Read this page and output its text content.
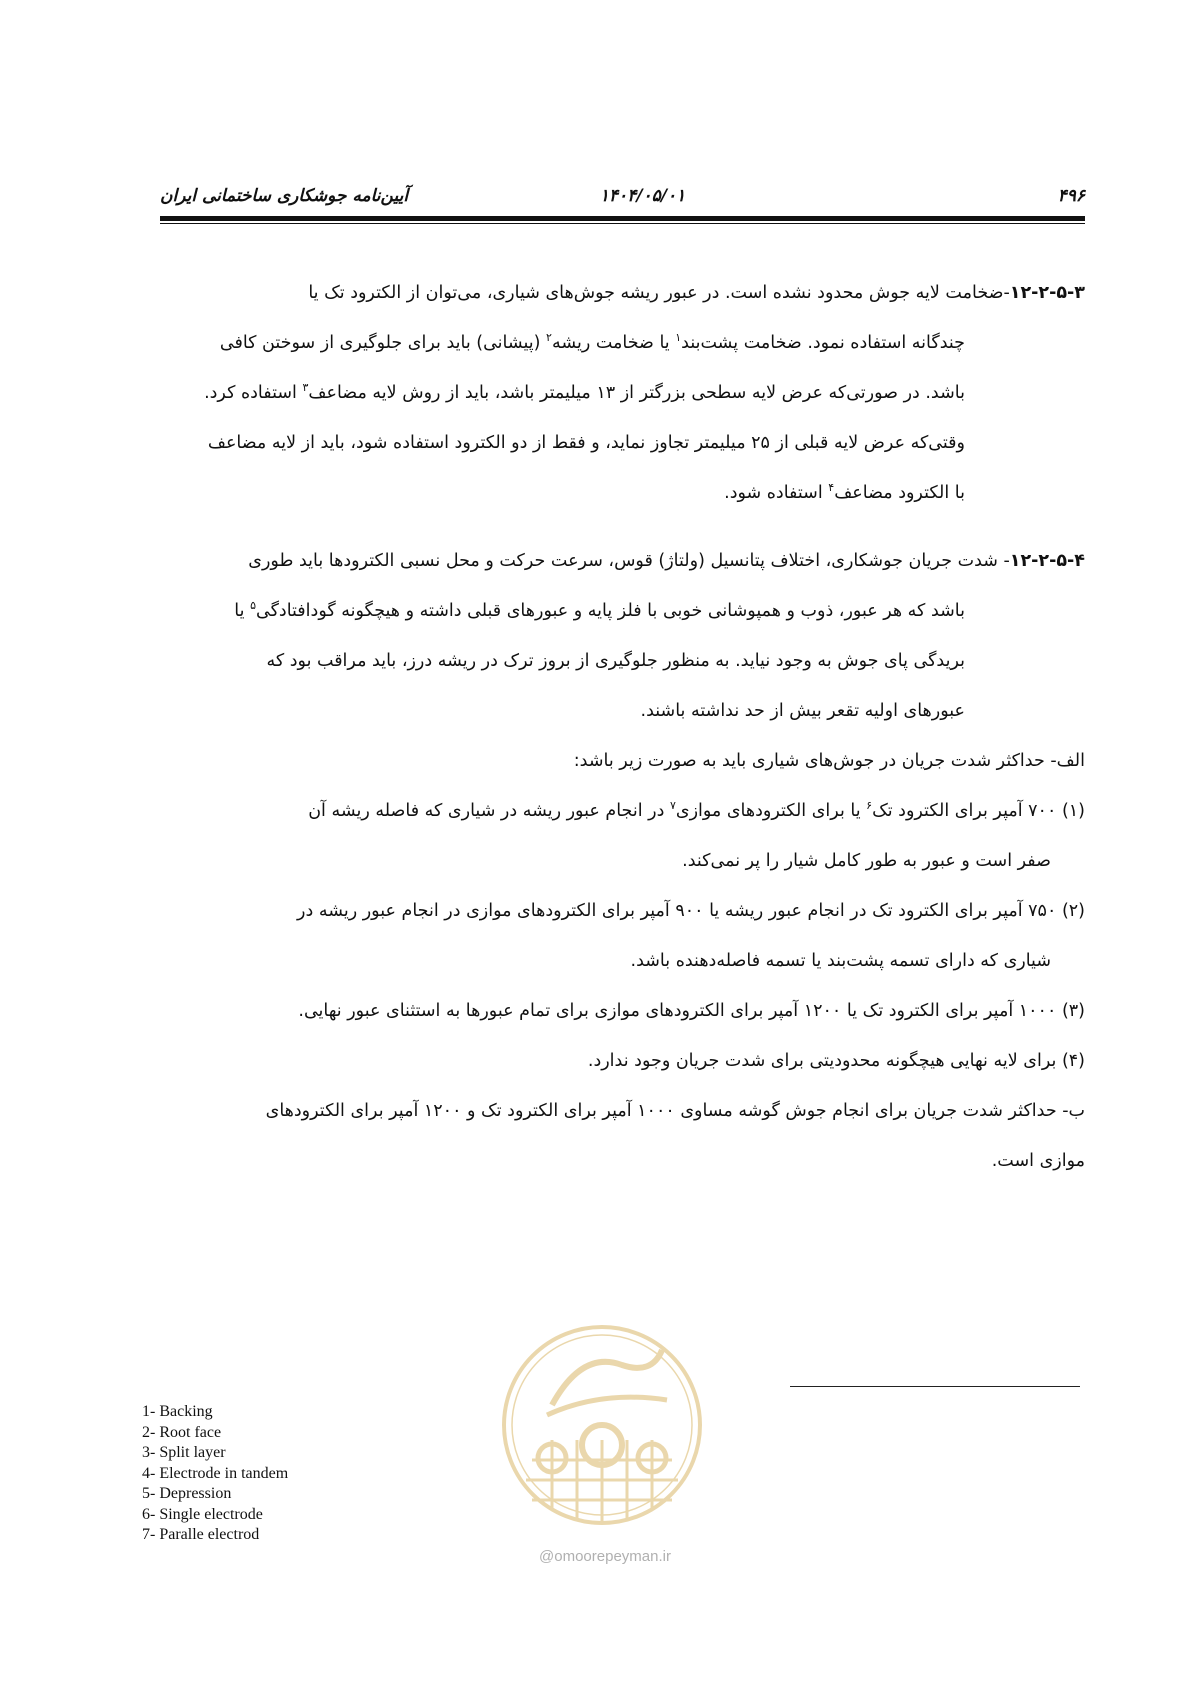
۴۹۶
۱۴۰۴/۰۵/۰۱
آیین‌نامه جوشکاری ساختمانی ایران

۱۲-۲-۵-۳-ضخامت لایه جوش محدود نشده است. در عبور ریشه جوش‌های شیاری، می‌توان از الکترود تک یا
چندگانه استفاده نمود. ضخامت پشت‌بند$^۱$ یا ضخامت ریشه$^۲$ (پیشانی) باید برای جلوگیری از سوختن کافی
باشد. در صورتی‌که عرض لایه سطحی بزرگتر از ۱۳ میلیمتر باشد، باید از روش لایه مضاعف$^۳$ استفاده کرد.
وقتی‌که عرض لایه قبلی از ۲۵ میلیمتر تجاوز نماید، و فقط از دو الکترود استفاده شود، باید از لایه مضاعف
با الکترود مضاعف$^۴$ استفاده شود.

۱۲-۲-۵-۴- شدت جریان جوشکاری، اختلاف پتانسیل (ولتاژ) قوس، سرعت حرکت و محل نسبی الکترودها باید طوری
باشد که هر عبور، ذوب و همپوشانی خوبی با فلز پایه و عبورهای قبلی داشته و هیچگونه گودافتادگی$^۵$ یا
بریدگی پای جوش به وجود نیاید. به منظور جلوگیری از بروز ترک در ریشه درز، باید مراقب بود که
عبورهای اولیه تقعر بیش از حد نداشته باشند.

الف- حداکثر شدت جریان در جوش‌های شیاری باید به صورت زیر باشد:

(۱) ۷۰۰ آمپر برای الکترود تک$^۶$ یا برای الکترودهای موازی$^۷$ در انجام عبور ریشه در شیاری که فاصله ریشه آن
صفر است و عبور به طور کامل شیار را پر نمی‌کند.

(۲) ۷۵۰ آمپر برای الکترود تک در انجام عبور ریشه یا ۹۰۰ آمپر برای الکترودهای موازی در انجام عبور ریشه در
شیاری که دارای تسمه پشت‌بند یا تسمه فاصله‌دهنده باشد.

(۳) ۱۰۰۰ آمپر برای الکترود تک یا ۱۲۰۰ آمپر برای الکترودهای موازی برای تمام عبورها به استثنای عبور نهایی.

(۴) برای لایه نهایی هیچگونه محدودیتی برای شدت جریان وجود ندارد.

ب- حداکثر شدت جریان برای انجام جوش گوشه مساوی ۱۰۰۰ آمپر برای الکترود تک و ۱۲۰۰ آمپر برای الکترودهای
موازی است.

1- Backing
2- Root face
3- Split layer
4- Electrode in tandem
5- Depression
6- Single electrode
7- Paralle electrod
@omoorepeyman.ir
